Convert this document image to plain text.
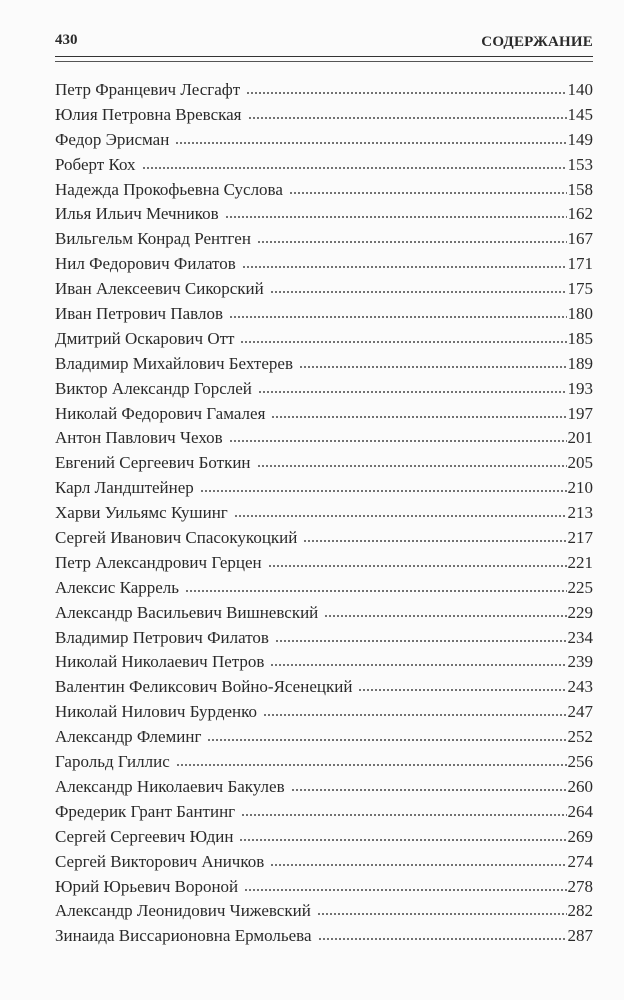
430	СОДЕРЖАНИЕ
Петр Францевич Лесгафт	140
Юлия Петровна Вревская	145
Федор Эрисман	149
Роберт Кох	153
Надежда Прокофьевна Суслова	158
Илья Ильич Мечников	162
Вильгельм Конрад Рентген	167
Нил Федорович Филатов	171
Иван Алексеевич Сикорский	175
Иван Петрович Павлов	180
Дмитрий Оскарович Отт	185
Владимир Михайлович Бехтерев	189
Виктор Александр Горслей	193
Николай Федорович Гамалея	197
Антон Павлович Чехов	201
Евгений Сергеевич Боткин	205
Карл Ландштейнер	210
Харви Уильямс Кушинг	213
Сергей Иванович Спасокукоцкий	217
Петр Александрович Герцен	221
Алексис Каррель	225
Александр Васильевич Вишневский	229
Владимир Петрович Филатов	234
Николай Николаевич Петров	239
Валентин Феликсович Войно-Ясенецкий	243
Николай Нилович Бурденко	247
Александр Флеминг	252
Гарольд Гиллис	256
Александр Николаевич Бакулев	260
Фредерик Грант Бантинг	264
Сергей Сергеевич Юдин	269
Сергей Викторович Аничков	274
Юрий Юрьевич Вороной	278
Александр Леонидович Чижевский	282
Зинаида Виссарионовна Ермольева	287
